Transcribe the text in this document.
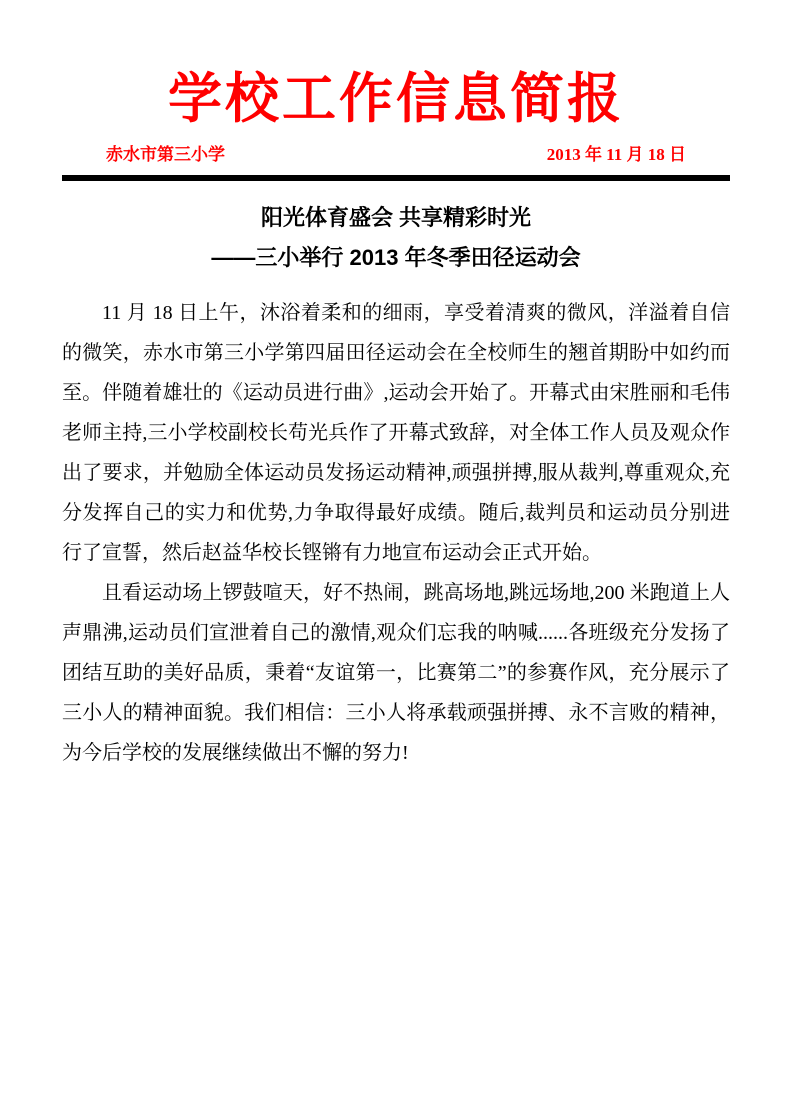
学校工作信息简报
赤水市第三小学	2013 年 11 月 18 日
阳光体育盛会 共享精彩时光
——三小举行 2013 年冬季田径运动会

11 月 18 日上午，沐浴着柔和的细雨，享受着清爽的微风，洋溢着自信的微笑，赤水市第三小学第四届田径运动会在全校师生的翘首期盼中如约而至。伴随着雄壮的《运动员进行曲》,运动会开始了。开幕式由宋胜丽和毛伟老师主持,三小学校副校长苟光兵作了开幕式致辞，对全体工作人员及观众作出了要求，并勉励全体运动员发扬运动精神,顽强拼搏,服从裁判,尊重观众,充分发挥自己的实力和优势,力争取得最好成绩。随后,裁判员和运动员分别进行了宣誓，然后赵益华校长铿锵有力地宣布运动会正式开始。

且看运动场上锣鼓喧天，好不热闹，跳高场地,跳远场地,200 米跑道上人声鼎沸,运动员们宣泄着自己的激情,观众们忘我的呐喊......各班级充分发扬了团结互助的美好品质，秉着“友谊第一，比赛第二”的参赛作风，充分展示了三小人的精神面貌。我们相信：三小人将承载顽强拼搏、永不言败的精神，为今后学校的发展继续做出不懈的努力!
